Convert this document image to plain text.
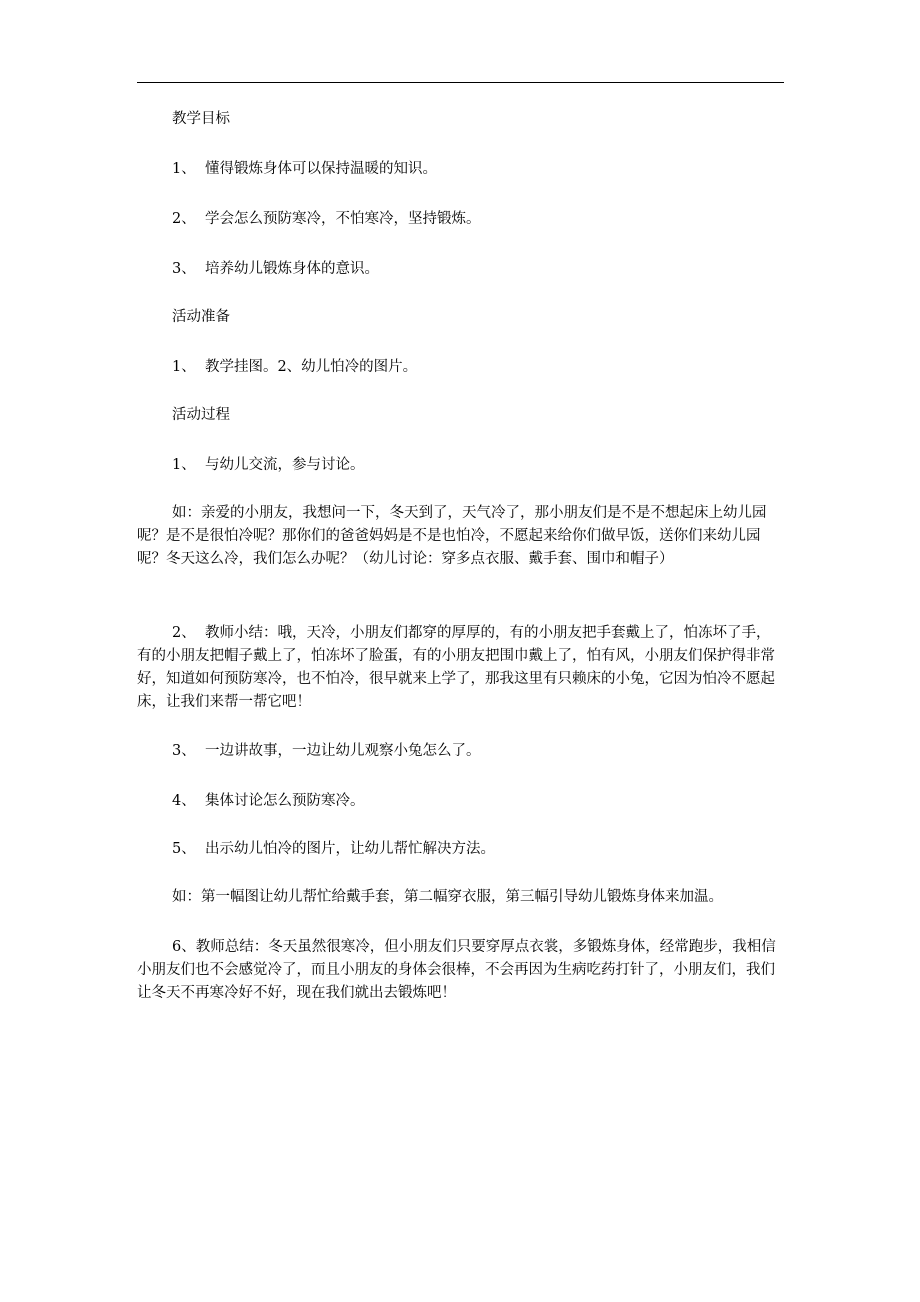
教学目标

1、  懂得锻炼身体可以保持温暖的知识。

2、  学会怎么预防寒冷，不怕寒冷，坚持锻炼。

3、  培养幼儿锻炼身体的意识。

活动准备

1、  教学挂图。2、幼儿怕冷的图片。

活动过程

1、  与幼儿交流，参与讨论。

如：亲爱的小朋友，我想问一下，冬天到了，天气冷了，那小朋友们是不是不想起床上幼儿园呢？是不是很怕冷呢？那你们的爸爸妈妈是不是也怕冷，不愿起来给你们做早饭，送你们来幼儿园呢？冬天这么冷，我们怎么办呢？（幼儿讨论：穿多点衣服、戴手套、围巾和帽子）

2、  教师小结：哦，天冷，小朋友们都穿的厚厚的，有的小朋友把手套戴上了，怕冻坏了手，有的小朋友把帽子戴上了，怕冻坏了脸蛋，有的小朋友把围巾戴上了，怕有风，小朋友们保护得非常好，知道如何预防寒冷，也不怕冷，很早就来上学了，那我这里有只赖床的小兔，它因为怕冷不愿起床，让我们来帮一帮它吧！

3、  一边讲故事，一边让幼儿观察小兔怎么了。

4、  集体讨论怎么预防寒冷。

5、  出示幼儿怕冷的图片，让幼儿帮忙解决方法。

如：第一幅图让幼儿帮忙给戴手套，第二幅穿衣服，第三幅引导幼儿锻炼身体来加温。

6、教师总结：冬天虽然很寒冷，但小朋友们只要穿厚点衣裳，多锻炼身体，经常跑步，我相信小朋友们也不会感觉冷了，而且小朋友的身体会很棒，不会再因为生病吃药打针了，小朋友们，我们让冬天不再寒冷好不好，现在我们就出去锻炼吧！
